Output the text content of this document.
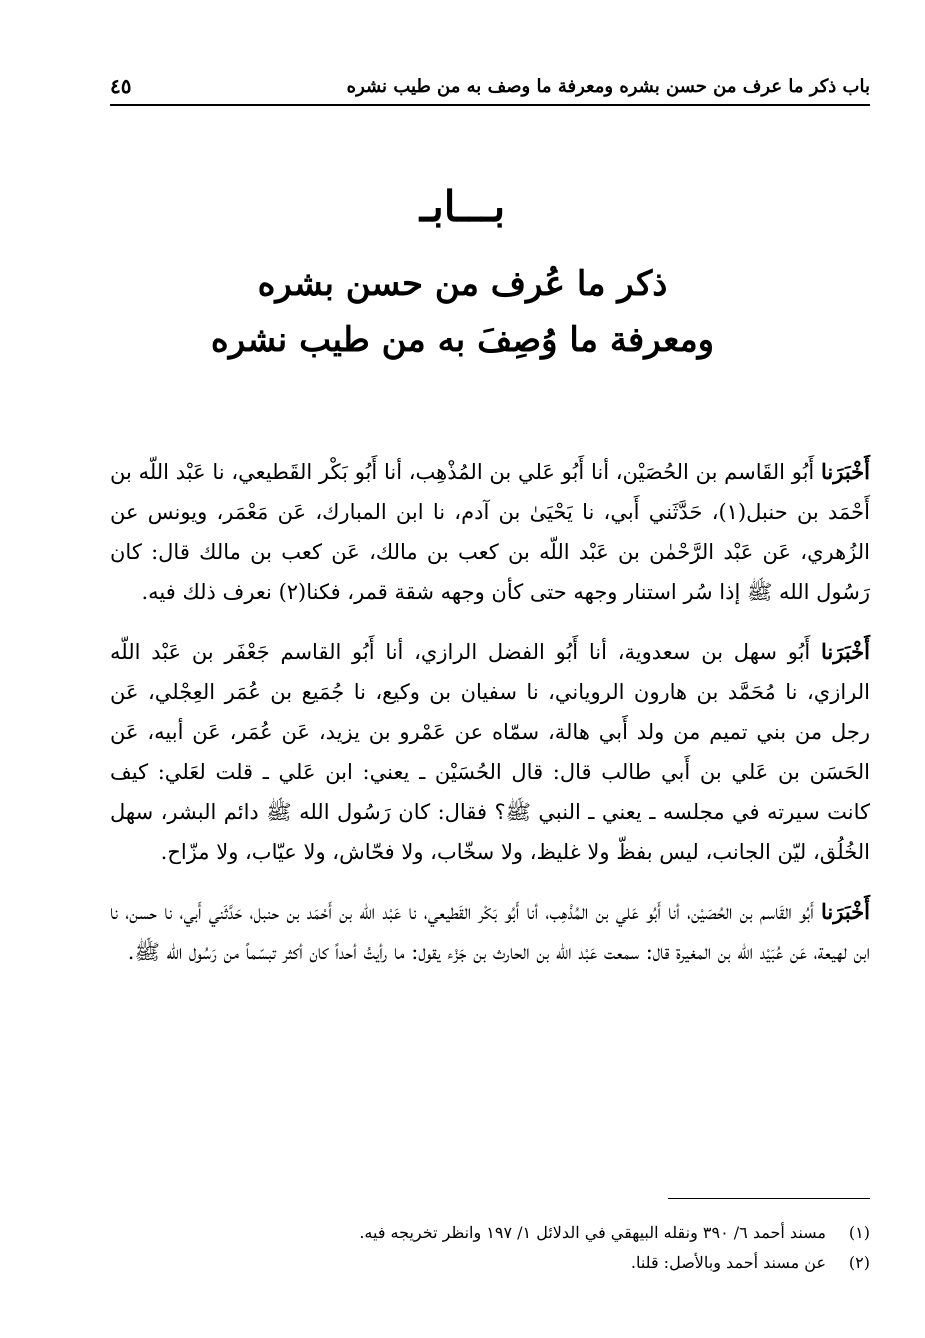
باب ذكر ما عرف من حسن بشره ومعرفة ما وصف به من طيب نشره
٤٥
بـــابـ
ذكر ما عُرف من حسن بشره
ومعرفة ما وُصِفَ به من طيب نشره

أَخْبَرَنا أَبُو القَاسم بن الحُصَيْن، أنا أَبُو عَلي بن المُذْهِب، أنا أَبُو بَكْر القَطيعي، نا عَبْد اللّه بن أَحْمَد بن حنبل(١)، حَدَّثَني أَبي، نا يَحْيَىٰ بن آدم، نا ابن المبارك، عَن مَعْمَر، ويونس عن الزُهري، عَن عَبْد الرَّحْمٰن بن عَبْد اللّه بن كعب بن مالك، عَن كعب بن مالك قال: كان رَسُول الله ﷺ إذا سُر استنار وجهه حتى كأن وجهه شقة قمر، فكنا(٢) نعرف ذلك فيه.

أَخْبَرَنا أَبُو سهل بن سعدوية، أنا أَبُو الفضل الرازي، أنا أَبُو القاسم جَعْفَر بن عَبْد اللّه الرازي، نا مُحَمَّد بن هارون الروياني، نا سفيان بن وكيع، نا جُمَيع بن عُمَر العِجْلي، عَن رجل من بني تميم من ولد أَبي هالة، سمّاه عن عَمْرو بن يزيد، عَن عُمَر، عَن أبيه، عَن الحَسَن بن عَلي بن أَبي طالب قال: قال الحُسَيْن ـ يعني: ابن عَلي ـ قلت لعَلي: كيف كانت سيرته في مجلسه ـ يعني ـ النبي ﷺ؟ فقال: كان رَسُول الله ﷺ دائم البشر، سهل الخُلُق، ليّن الجانب، ليس بفظّ ولا غليظ، ولا سخّاب، ولا فحّاش، ولا عيّاب، ولا مزّاح.

أَخْبَرَنا أَبُو القَاسم بن الحُصَيْن، أنا أَبُو عَلي بن المُذْهِب، أنا أَبُو بَكْر القَطيعي، نا عَبْد اللّه بن أَحْمَد بن حنبل، حَدَّثَني أَبي، نا حسن، نا ابن لهيعة، عَن عُبَيْد اللّه بن المغيرة قال: سمعت عَبْد اللّه بن الحارث بن جَزْء يقول: ما رأيتُ أحداً كان أكثر تبسّماً من رَسُول الله ﷺ.

(١)
مسند أحمد ٦/ ٣٩٠ ونقله البيهقي في الدلائل ١/ ١٩٧ وانظر تخريجه فيه.
(٢)
عن مسند أحمد وبالأصل: قلنا.
